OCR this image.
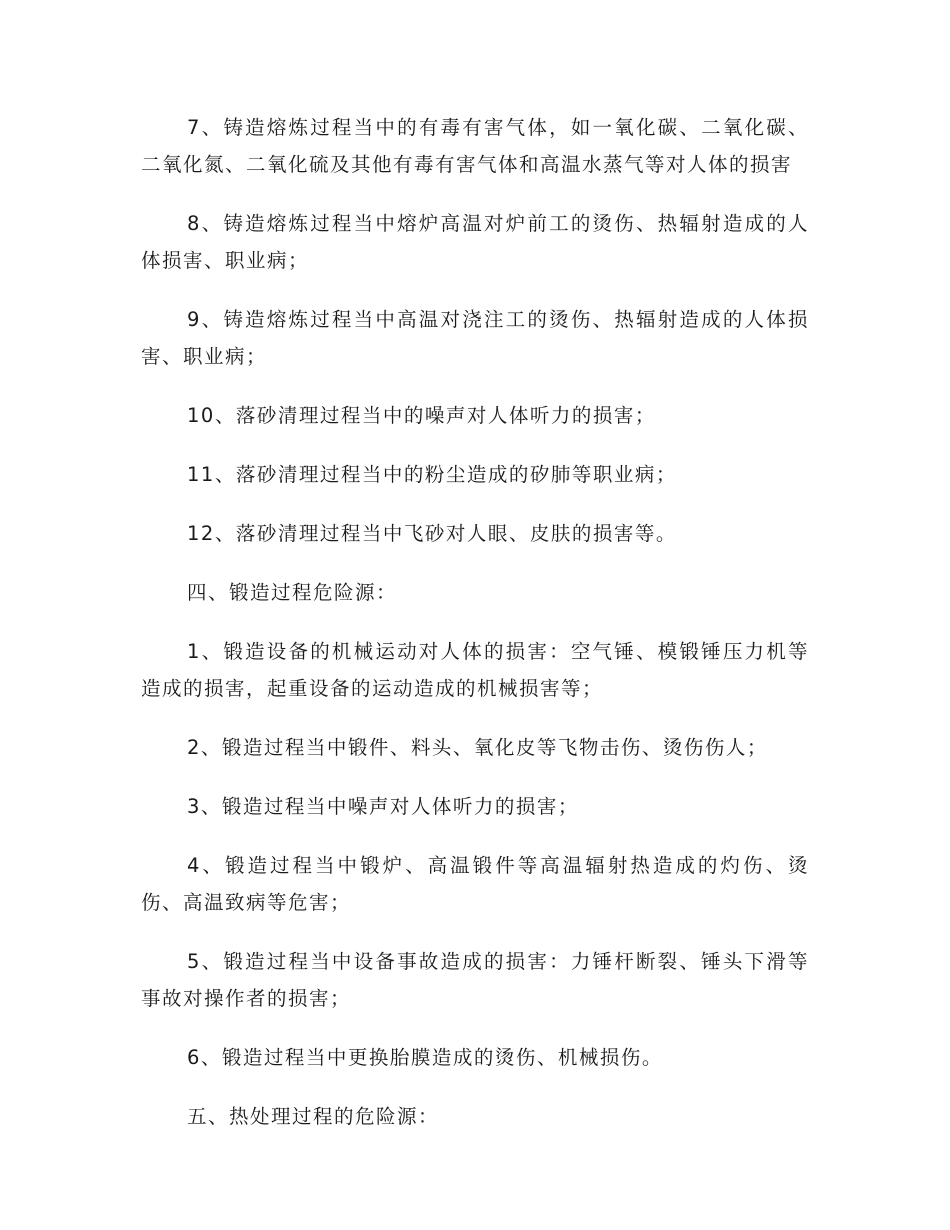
7、铸造熔炼过程当中的有毒有害气体，如一氧化碳、二氧化碳、二氧化氮、二氧化硫及其他有毒有害气体和高温水蒸气等对人体的损害

8、铸造熔炼过程当中熔炉高温对炉前工的烫伤、热辐射造成的人体损害、职业病；

9、铸造熔炼过程当中高温对浇注工的烫伤、热辐射造成的人体损害、职业病；

10、落砂清理过程当中的噪声对人体听力的损害；

11、落砂清理过程当中的粉尘造成的矽肺等职业病；

12、落砂清理过程当中飞砂对人眼、皮肤的损害等。

四、锻造过程危险源：

1、锻造设备的机械运动对人体的损害：空气锤、模锻锤压力机等造成的损害，起重设备的运动造成的机械损害等；

2、锻造过程当中锻件、料头、氧化皮等飞物击伤、烫伤伤人；

3、锻造过程当中噪声对人体听力的损害；

4、锻造过程当中锻炉、高温锻件等高温辐射热造成的灼伤、烫伤、高温致病等危害；

5、锻造过程当中设备事故造成的损害：力锤杆断裂、锤头下滑等事故对操作者的损害；

6、锻造过程当中更换胎膜造成的烫伤、机械损伤。

五、热处理过程的危险源：
